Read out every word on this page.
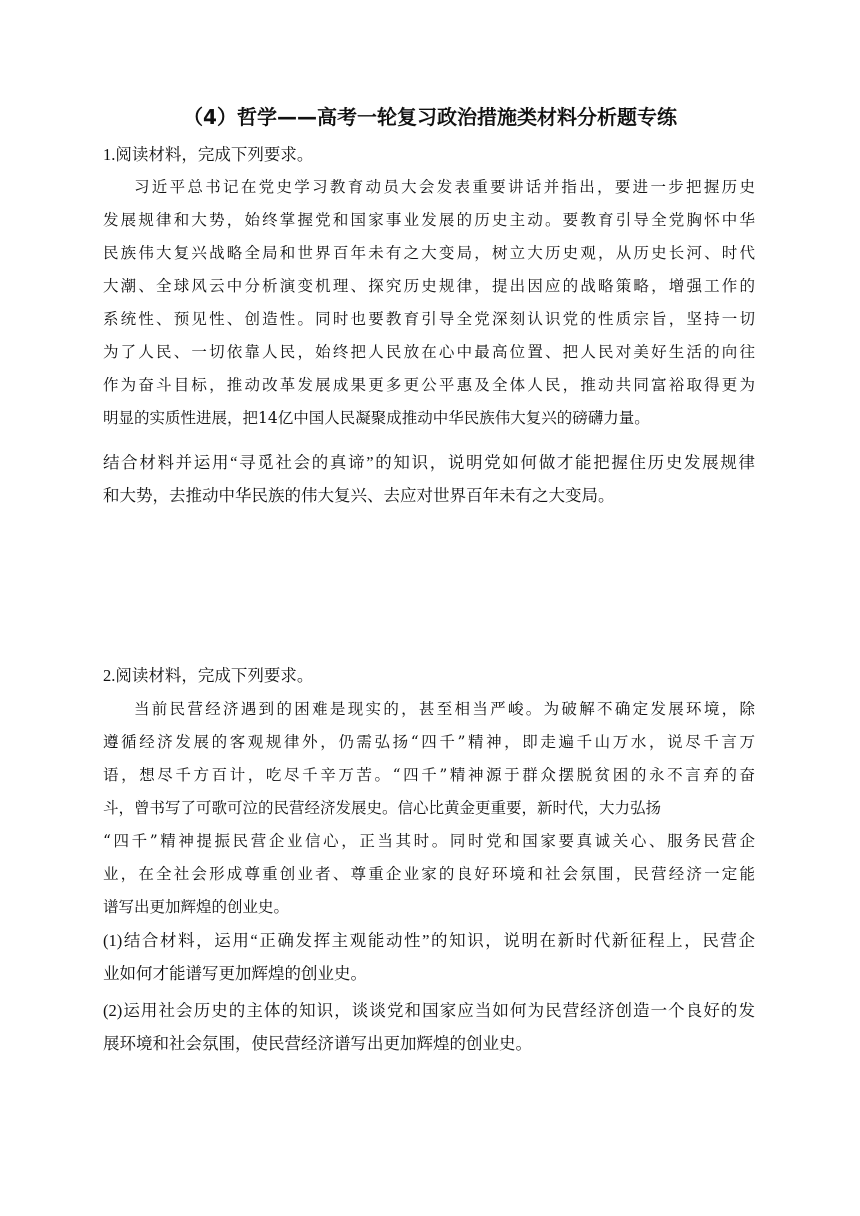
（4）哲学——高考一轮复习政治措施类材料分析题专练
1.阅读材料，完成下列要求。
习近平总书记在党史学习教育动员大会发表重要讲话并指出，要进一步把握历史
发展规律和大势，始终掌握党和国家事业发展的历史主动。要教育引导全党胸怀中华
民族伟大复兴战略全局和世界百年未有之大变局，树立大历史观，从历史长河、时代
大潮、全球风云中分析演变机理、探究历史规律，提出因应的战略策略，增强工作的
系统性、预见性、创造性。同时也要教育引导全党深刻认识党的性质宗旨，坚持一切
为了人民、一切依靠人民，始终把人民放在心中最高位置、把人民对美好生活的向往
作为奋斗目标，推动改革发展成果更多更公平惠及全体人民，推动共同富裕取得更为
明显的实质性进展，把14亿中国人民凝聚成推动中华民族伟大复兴的磅礴力量。
结合材料并运用“寻觅社会的真谛”的知识，说明党如何做才能把握住历史发展规律
和大势，去推动中华民族的伟大复兴、去应对世界百年未有之大变局。
2.阅读材料，完成下列要求。
当前民营经济遇到的困难是现实的，甚至相当严峻。为破解不确定发展环境，除
遵循经济发展的客观规律外，仍需弘扬“四千”精神，即走遍千山万水，说尽千言万
语，想尽千方百计，吃尽千辛万苦。“四千”精神源于群众摆脱贫困的永不言弃的奋
斗，曾书写了可歌可泣的民营经济发展史。信心比黄金更重要，新时代，大力弘扬
“四千”精神提振民营企业信心，正当其时。同时党和国家要真诚关心、服务民营企
业，在全社会形成尊重创业者、尊重企业家的良好环境和社会氛围，民营经济一定能
谱写出更加辉煌的创业史。
(1)结合材料，运用“正确发挥主观能动性”的知识，说明在新时代新征程上，民营企
业如何才能谱写更加辉煌的创业史。
(2)运用社会历史的主体的知识，谈谈党和国家应当如何为民营经济创造一个良好的发
展环境和社会氛围，使民营经济谱写出更加辉煌的创业史。
